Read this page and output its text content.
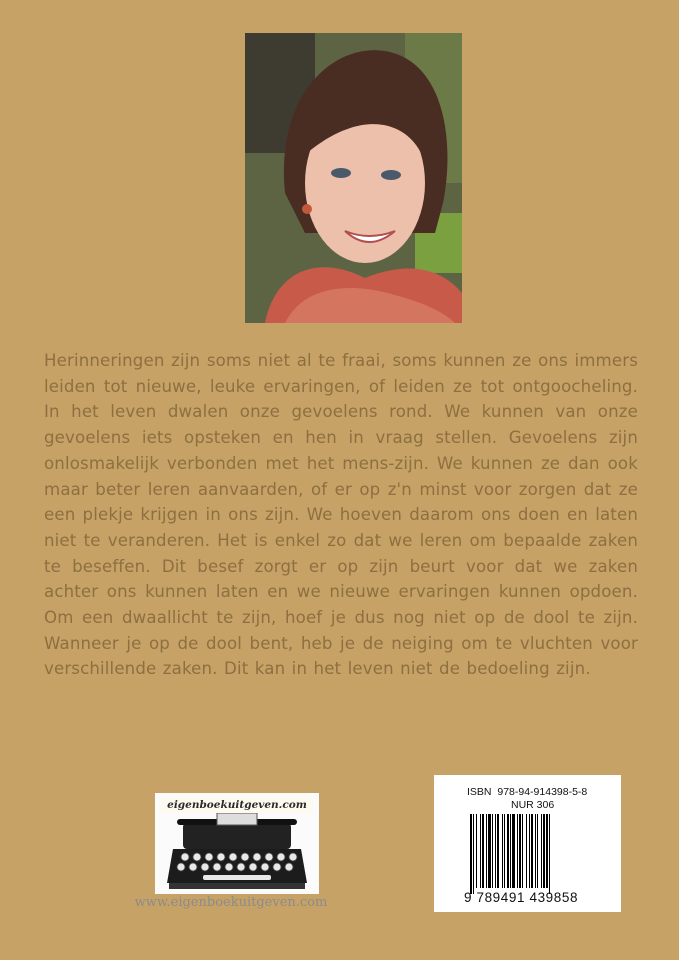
Herinneringen zijn soms niet al te fraai, soms kunnen ze ons immers leiden tot nieuwe, leuke ervaringen, of leiden ze tot ontgoocheling. In het leven dwalen onze gevoelens rond. We kunnen van onze gevoelens iets opsteken en hen in vraag stellen. Gevoelens zijn onlosmakelijk verbonden met het mens-zijn. We kunnen ze dan ook maar beter leren aanvaarden, of er op z'n minst voor zorgen dat ze een plekje krijgen in ons zijn. We hoeven daarom ons doen en laten niet te veranderen. Het is enkel zo dat we leren om bepaalde zaken te beseffen. Dit besef zorgt er op zijn beurt voor dat we zaken achter ons kunnen laten en we nieuwe ervaringen kunnen opdoen. Om een dwaallicht te zijn, hoef je dus nog niet op de dool te zijn. Wanneer je op de dool bent, heb je de neiging om te vluchten voor verschillende zaken. Dit kan in het leven niet de bedoeling zijn.

eigenboekuitgeven.com
www.eigenboekuitgeven.com
ISBN 978-94-914398-5-8
NUR 306
9 789491 439858
